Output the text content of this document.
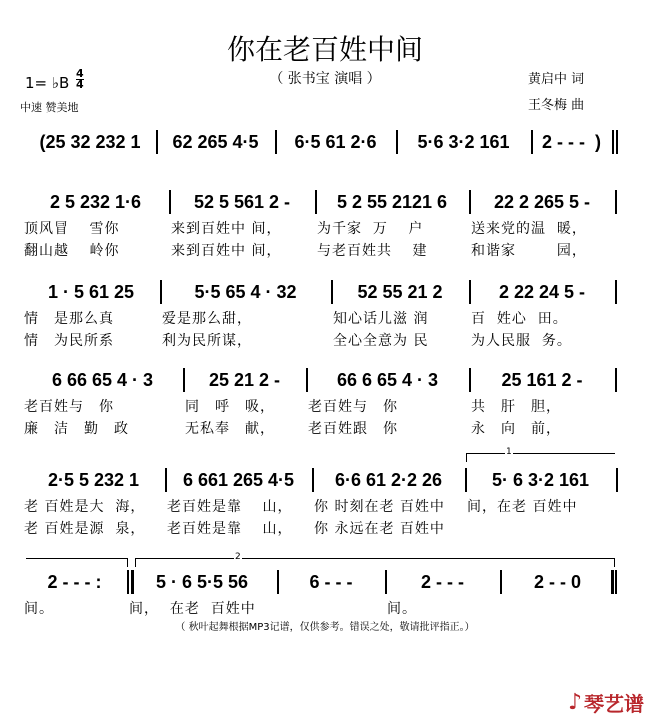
你在老百姓中间
（ 张书宝 演唱 ）
1= ♭B
4
4
中速 赞美地
黄启中 词
王冬梅 曲
(25 32 232 1	62 265 4·5	6·5 61 2·6	5·6 3·2 161	2 - - -  )
2 5 232 1·6
顶风冒　 雪你
翻山越　 岭你
52 5 561 2 -
来到百姓中 间，
来到百姓中 间，
5 2 55 2121 6
为千家  万　 户
与老百姓共　 建
22 2 265 5 -
送来党的温  暖，
和谐家　　  园，
1 · 5 61 25
情　是那么真
情　为民所系
5·5 65 4 · 32
爱是那么甜，
利为民所谋，
52 55 21 2
知心话儿滋 润
全心全意为 民
2 22 24 5 -
百  姓心  田。
为人民服  务。
6 66 65 4 · 3
老百姓与　你
廉　洁　勤　政
25 21 2 -
同　呼　吸，
无私奉　献，
66 6 65 4 · 3
老百姓与　你
老百姓跟　你
25 161 2 -
共　肝　胆，
永　向　前，
2·5 5 232 1
老 百姓是大  海，
老 百姓是源  泉，
6 661 265 4·5
老百姓是靠　 山，
老百姓是靠　 山，
6·6 61 2·2 26
你 时刻在老 百姓中
你 永远在老 百姓中
5· 6 3·2 161
间，在老 百姓中
2 - - - :
间。
5 · 6 5·5 56
间，  在老  百姓中
6 - - -	2 - - -
间。
2 - - 0
1
2
（ 秋叶起舞根据MP3记谱，仅供参考。错误之处，敬请批评指正。）
♪ 琴艺谱
